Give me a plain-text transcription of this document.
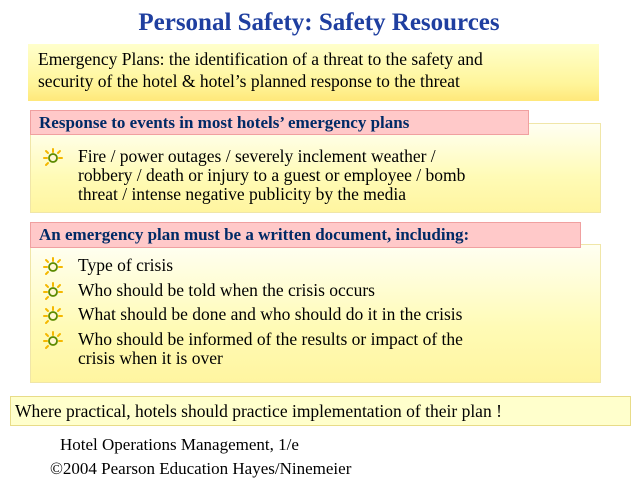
Personal Safety: Safety Resources
Emergency Plans: the identification of a threat to the safety and
security of the hotel & hotel’s planned response to the threat
Response to events in most hotels’ emergency plans
Fire / power outages / severely inclement weather /
robbery / death or injury to a guest or employee / bomb
threat / intense negative publicity by the media
An emergency plan must be a written document, including:
Type of crisis
Who should be told when the crisis occurs
What should be done and who should do it in the crisis
Who should be informed of the results or impact of the
crisis when it is over
Where practical, hotels should practice implementation of their plan !
Hotel Operations Management, 1/e
©2004 Pearson Education Hayes/Ninemeier
